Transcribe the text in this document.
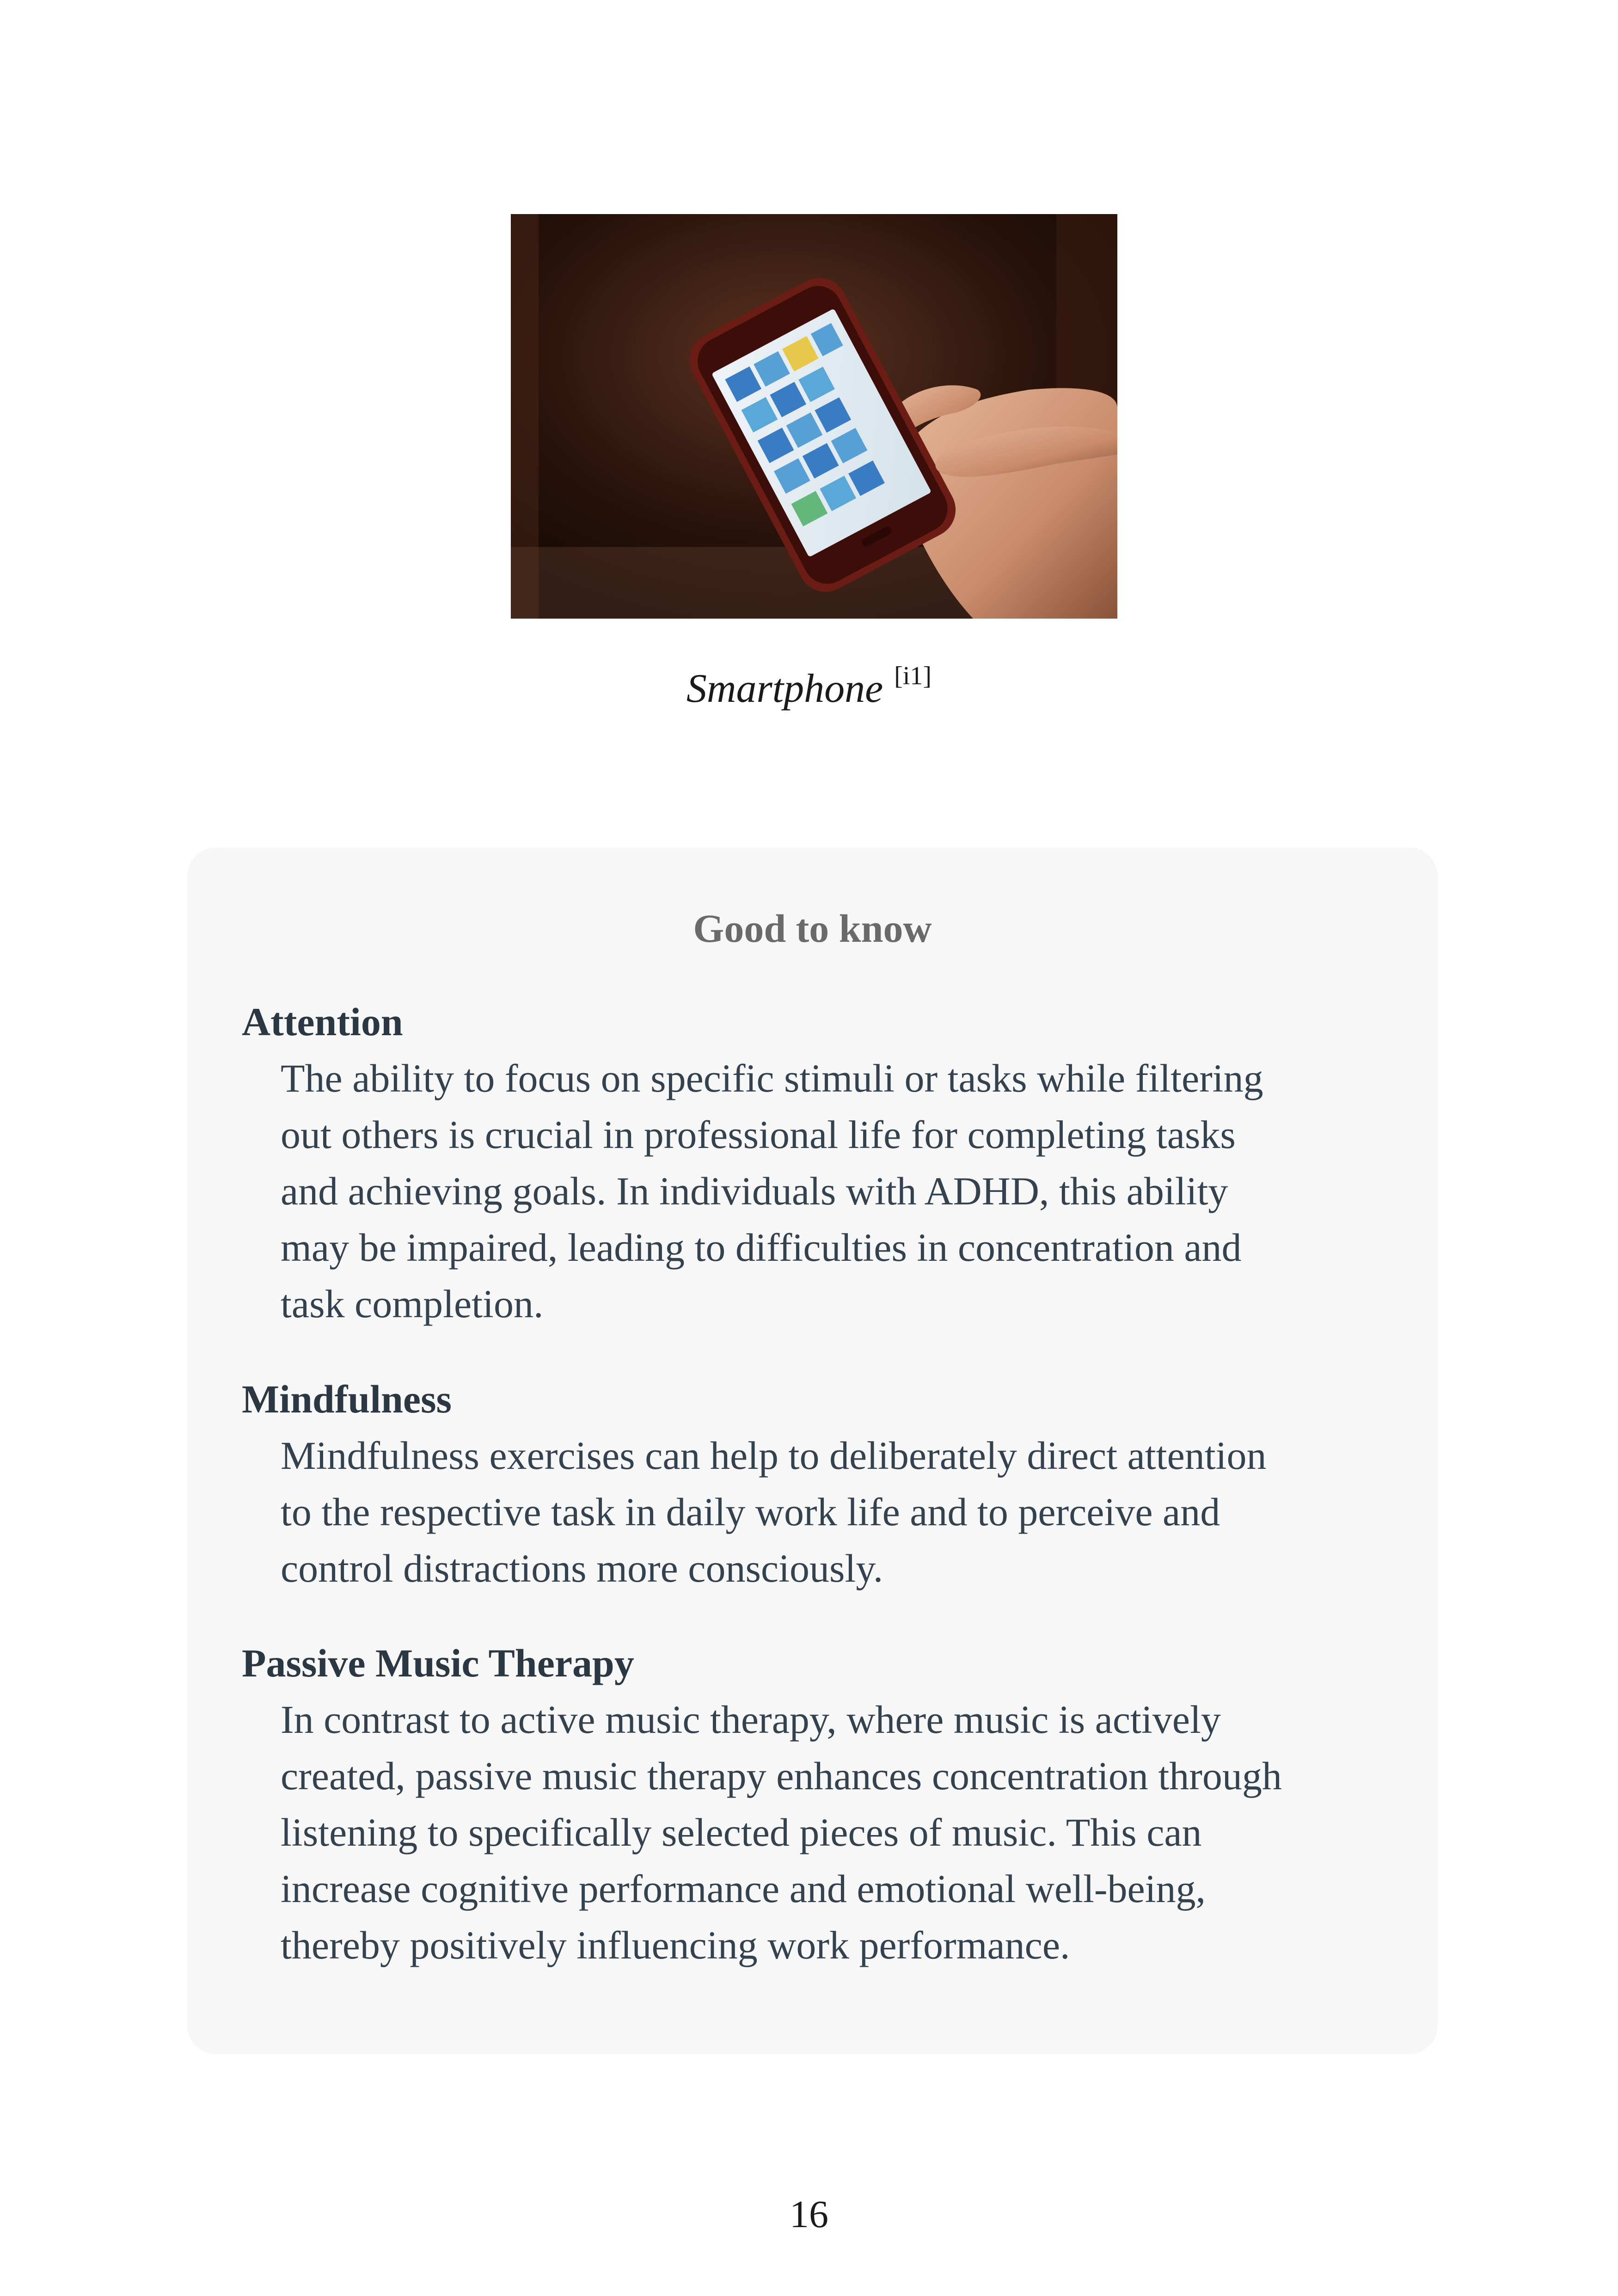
Smartphone [i1]
Good to know
Attention
The ability to focus on specific stimuli or tasks while filtering
out others is crucial in professional life for completing tasks
and achieving goals. In individuals with ADHD, this ability
may be impaired, leading to difficulties in concentration and
task completion.
Mindfulness
Mindfulness exercises can help to deliberately direct attention
to the respective task in daily work life and to perceive and
control distractions more consciously.
Passive Music Therapy
In contrast to active music therapy, where music is actively
created, passive music therapy enhances concentration through
listening to specifically selected pieces of music. This can
increase cognitive performance and emotional well-being,
thereby positively influencing work performance.
16
